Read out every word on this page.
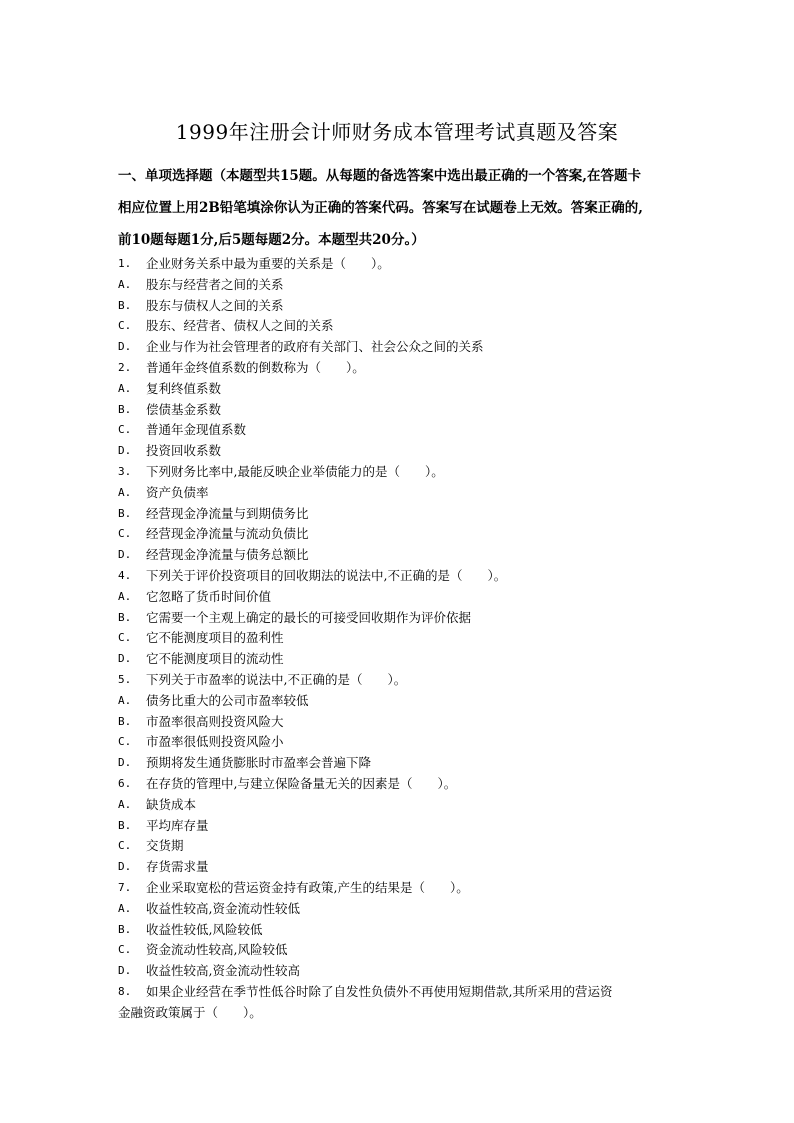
1999年注册会计师财务成本管理考试真题及答案
一、单项选择题（本题型共15题。从每题的备选答案中选出最正确的一个答案,在答题卡
相应位置上用2B铅笔填涂你认为正确的答案代码。答案写在试题卷上无效。答案正确的,
前10题每题1分,后5题每题2分。本题型共20分。）
1.	企业财务关系中最为重要的关系是（　　）。
A.	股东与经营者之间的关系
B.	股东与债权人之间的关系
C.	股东、经营者、债权人之间的关系
D.	企业与作为社会管理者的政府有关部门、社会公众之间的关系
2.	普通年金终值系数的倒数称为（　　）。
A.	复利终值系数
B.	偿债基金系数
C.	普通年金现值系数
D.	投资回收系数
3.	下列财务比率中,最能反映企业举债能力的是（　　）。
A.	资产负债率
B.	经营现金净流量与到期债务比
C.	经营现金净流量与流动负债比
D.	经营现金净流量与债务总额比
4.	下列关于评价投资项目的回收期法的说法中,不正确的是（　　）。
A.	它忽略了货币时间价值
B.	它需要一个主观上确定的最长的可接受回收期作为评价依据
C.	它不能测度项目的盈利性
D.	它不能测度项目的流动性
5.	下列关于市盈率的说法中,不正确的是（　　）。
A.	债务比重大的公司市盈率较低
B.	市盈率很高则投资风险大
C.	市盈率很低则投资风险小
D.	预期将发生通货膨胀时市盈率会普遍下降
6.	在存货的管理中,与建立保险备量无关的因素是（　　）。
A.	缺货成本
B.	平均库存量
C.	交货期
D.	存货需求量
7.	企业采取宽松的营运资金持有政策,产生的结果是（　　）。
A.	收益性较高,资金流动性较低
B.	收益性较低,风险较低
C.	资金流动性较高,风险较低
D.	收益性较高,资金流动性较高
8.	如果企业经营在季节性低谷时除了自发性负债外不再使用短期借款,其所采用的营运资
金融资政策属于（　　）。
